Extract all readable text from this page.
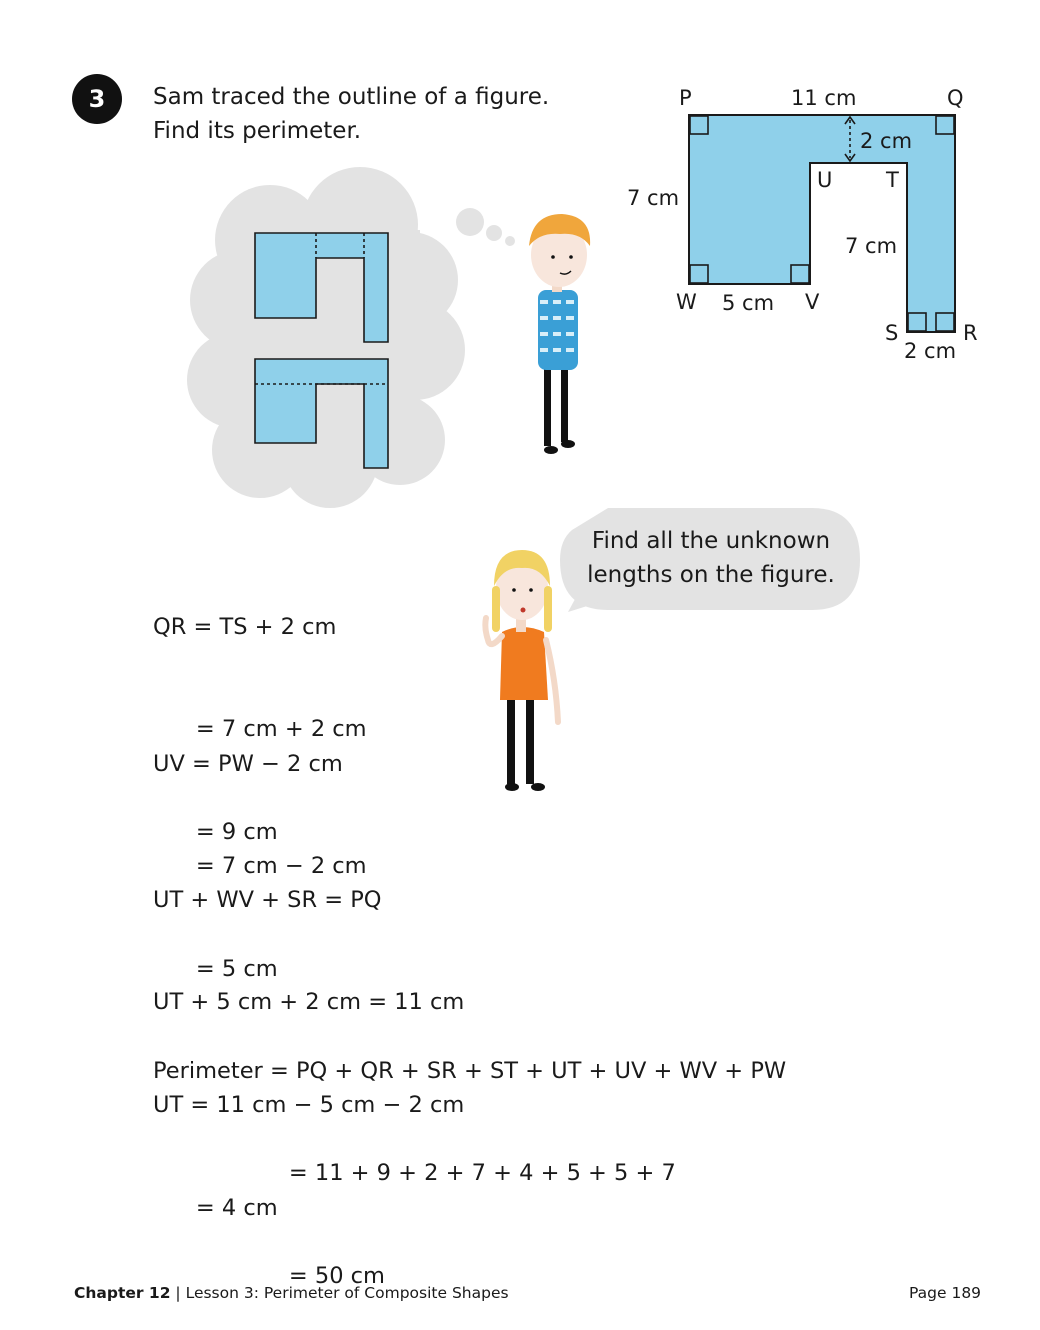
3 Sam traced the outline of a figure.
Find its perimeter.
P	Q
U	T
W	V
S	R
11 cm
2 cm
7 cm
7 cm
5 cm
2 cm
Find all the unknown
lengths on the figure.

QR = TS + 2 cm

= 7 cm + 2 cm

= 9 cm

UV = PW − 2 cm

= 7 cm − 2 cm

= 5 cm

UT + WV + SR = PQ

UT + 5 cm + 2 cm = 11 cm

UT = 11 cm − 5 cm − 2 cm

= 4 cm

Perimeter = PQ + QR + SR + ST + UT + UV + WV + PW

= 11 + 9 + 2 + 7 + 4 + 5 + 5 + 7

= 50 cm

Chapter 12 | Lesson 3: Perimeter of Composite Shapes	Page 189
